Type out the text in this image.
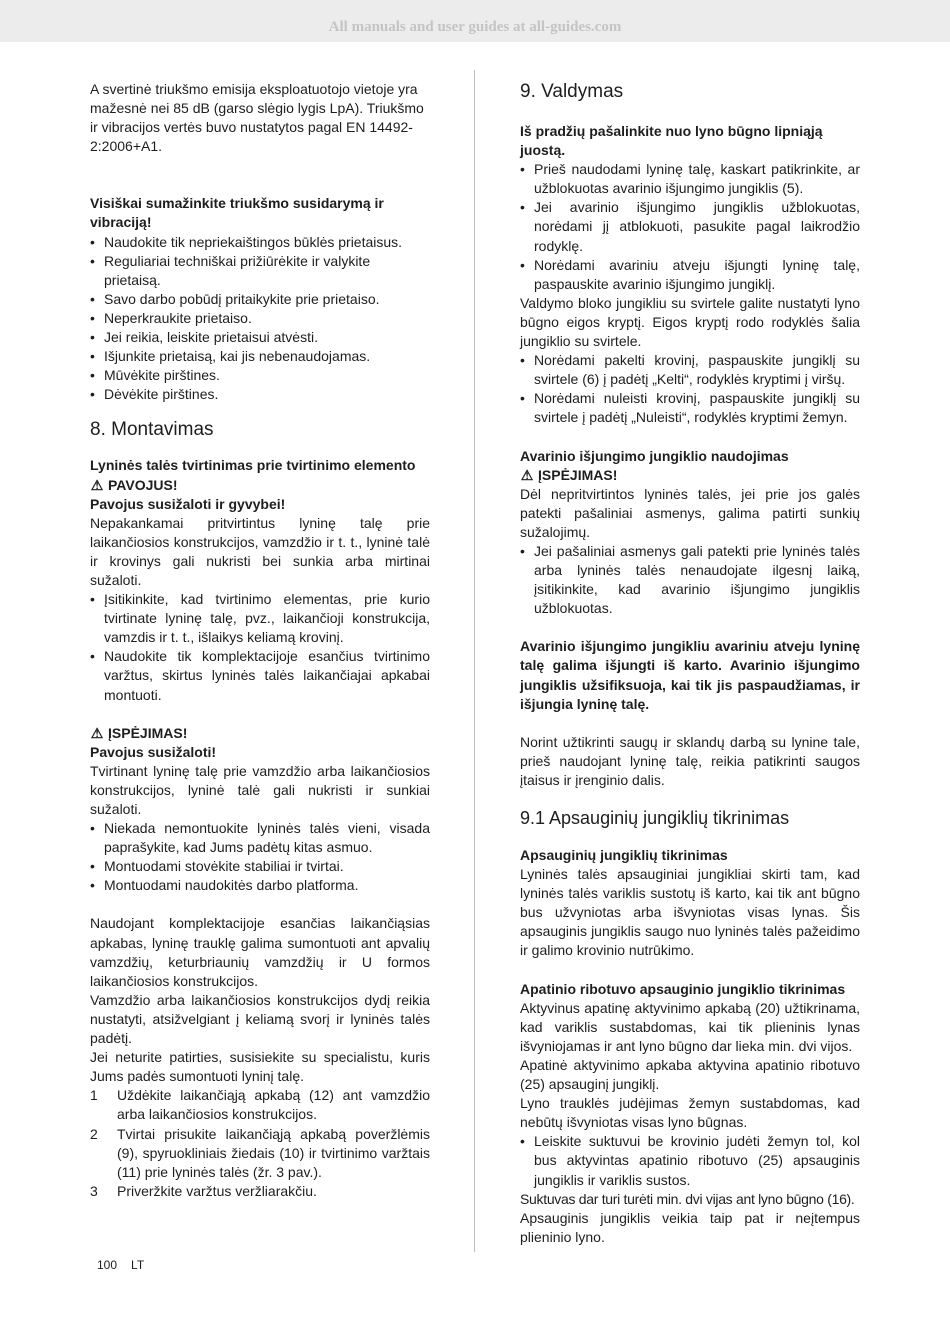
All manuals and user guides at all-guides.com

A svertinė triukšmo emisija eksploatuotojo vietoje yra mažesnė nei 85 dB (garso slėgio lygis LpA). Triukšmo ir vibracijos vertės buvo nustatytos pagal EN 14492-2:2006+A1.

Visiškai sumažinkite triukšmo susidarymą ir vibraciją!

• Naudokite tik nepriekaištingos būklės prietaisus.
• Reguliariai techniškai prižiūrėkite ir valykite prietaisą.
• Savo darbo pobūdį pritaikykite prie prietaiso.
• Neperkraukite prietaiso.
• Jei reikia, leiskite prietaisui atvėsti.
• Išjunkite prietaisą, kai jis nebenaudojamas.
• Mūvėkite pirštines.
• Dėvėkite pirštines.

8. Montavimas

Lyninės talės tvirtinimas prie tvirtinimo elemento

⚠ PAVOJUS!

Pavojus susižaloti ir gyvybei!

Nepakankamai pritvirtintus lyninę talę prie laikančiosios konstrukcijos, vamzdžio ir t. t., lyninė talė ir krovinys gali nukristi bei sunkia arba mirtinai sužaloti.

• Įsitikinkite, kad tvirtinimo elementas, prie kurio tvirtinate lyninę talę, pvz., laikančioji konstrukcija, vamzdis ir t. t., išlaikys keliamą krovinį.
• Naudokite tik komplektacijoje esančius tvirtinimo varžtus, skirtus lyninės talės laikančiajai apkabai montuoti.

⚠ ĮSPĖJIMAS!

Pavojus susižaloti!

Tvirtinant lyninę talę prie vamzdžio arba laikančiosios konstrukcijos, lyninė talė gali nukristi ir sunkiai sužaloti.

• Niekada nemontuokite lyninės talės vieni, visada paprašykite, kad Jums padėtų kitas asmuo.
• Montuodami stovėkite stabiliai ir tvirtai.
• Montuodami naudokitės darbo platforma.

Naudojant komplektacijoje esančias laikančiąsias apkabas, lyninę trauklę galima sumontuoti ant apvalių vamzdžių, keturbriaunių vamzdžių ir U formos laikančiosios konstrukcijos.

Vamzdžio arba laikančiosios konstrukcijos dydį reikia nustatyti, atsižvelgiant į keliamą svorį ir lyninės talės padėtį.

Jei neturite patirties, susisiekite su specialistu, kuris Jums padės sumontuoti lyninį talę.

1 Uždėkite laikančiąją apkabą (12) ant vamzdžio arba laikančiosios konstrukcijos.
2 Tvirtai prisukite laikančiąją apkabą poveržlėmis (9), spyruokliniais žiedais (10) ir tvirtinimo varžtais (11) prie lyninės talės (žr. 3 pav.).
3 Priveržkite varžtus veržliarakčiu.

9. Valdymas

Iš pradžių pašalinkite nuo lyno būgno lipniąją juostą.

• Prieš naudodami lyninę talę, kaskart patikrinkite, ar užblokuotas avarinio išjungimo jungiklis (5).
• Jei avarinio išjungimo jungiklis užblokuotas, norėdami jį atblokuoti, pasukite pagal laikrodžio rodyklę.
• Norėdami avariniu atveju išjungti lyninę talę, paspauskite avarinio išjungimo jungiklį.

Valdymo bloko jungikliu su svirtele galite nustatyti lyno būgno eigos kryptį. Eigos kryptį rodo rodyklės šalia jungiklio su svirtele.

• Norėdami pakelti krovinį, paspauskite jungiklį su svirtele (6) į padėtį „Kelti“, rodyklės kryptimi į viršų.
• Norėdami nuleisti krovinį, paspauskite jungiklį su svirtele į padėtį „Nuleisti“, rodyklės kryptimi žemyn.

Avarinio išjungimo jungiklio naudojimas

⚠ ĮSPĖJIMAS!

Dėl nepritvirtintos lyninės talės, jei prie jos galės patekti pašaliniai asmenys, galima patirti sunkių sužalojimų.

• Jei pašaliniai asmenys gali patekti prie lyninės talės arba lyninės talės nenaudojate ilgesnį laiką, įsitikinkite, kad avarinio išjungimo jungiklis užblokuotas.

Avarinio išjungimo jungikliu avariniu atveju lyninę talę galima išjungti iš karto. Avarinio išjungimo jungiklis užsifiksuoja, kai tik jis paspaudžiamas, ir išjungia lyninę talę.

Norint užtikrinti saugų ir sklandų darbą su lynine tale, prieš naudojant lyninę talę, reikia patikrinti saugos įtaisus ir įrenginio dalis.

9.1 Apsauginių jungiklių tikrinimas

Apsauginių jungiklių tikrinimas

Lyninės talės apsauginiai jungikliai skirti tam, kad lyninės talės variklis sustotų iš karto, kai tik ant būgno bus užvyniotas arba išvyniotas visas lynas. Šis apsauginis jungiklis saugo nuo lyninės talės pažeidimo ir galimo krovinio nutrūkimo.

Apatinio ribotuvo apsauginio jungiklio tikrinimas

Aktyvinus apatinę aktyvinimo apkabą (20) užtikrinama, kad variklis sustabdomas, kai tik plieninis lynas išvyniojamas ir ant lyno būgno dar lieka min. dvi vijos.

Apatinė aktyvinimo apkaba aktyvina apatinio ribotuvo (25) apsauginį jungiklį.

Lyno trauklės judėjimas žemyn sustabdomas, kad nebūtų išvyniotas visas lyno būgnas.

• Leiskite suktuvui be krovinio judėti žemyn tol, kol bus aktyvintas apatinio ribotuvo (25) apsauginis jungiklis ir variklis sustos.

Suktuvas dar turi turėti min. dvi vijas ant lyno būgno (16).

Apsauginis jungiklis veikia taip pat ir neįtempus plieninio lyno.

100 LT
